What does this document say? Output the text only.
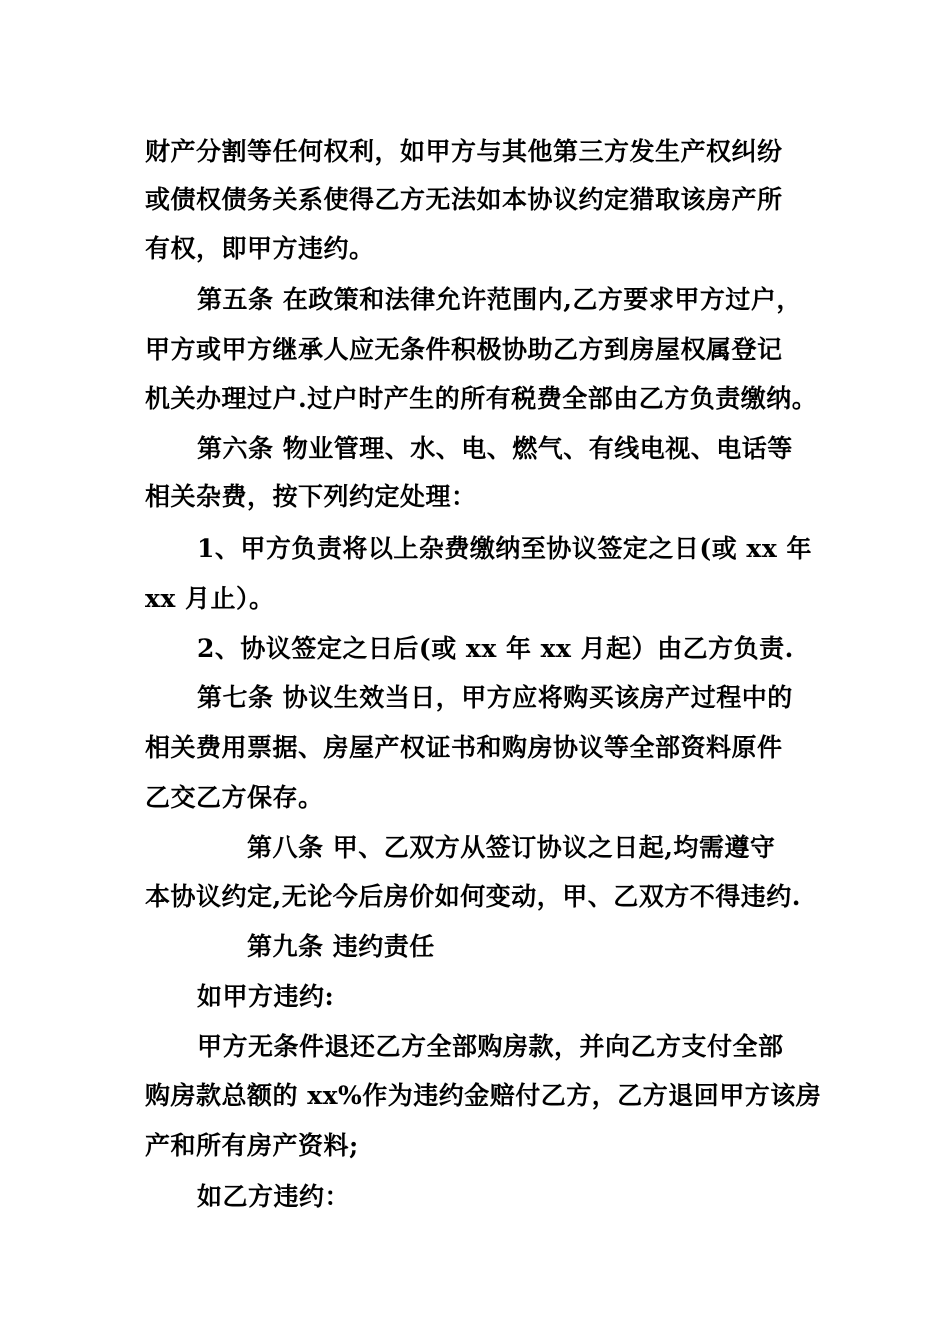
财产分割等任何权利，如甲方与其他第三方发生产权纠纷
或债权债务关系使得乙方无法如本协议约定猎取该房产所
有权，即甲方违约。
第五条 在政策和法律允许范围内,乙方要求甲方过户，
甲方或甲方继承人应无条件积极协助乙方到房屋权属登记
机关办理过户.过户时产生的所有税费全部由乙方负责缴纳。
第六条 物业管理、水、电、燃气、有线电视、电话等
相关杂费，按下列约定处理：
1、甲方负责将以上杂费缴纳至协议签定之日(或 xx 年
xx 月止）。
2、协议签定之日后(或 xx 年 xx 月起）由乙方负责.
第七条 协议生效当日，甲方应将购买该房产过程中的
相关费用票据、房屋产权证书和购房协议等全部资料原件
乙交乙方保存。
第八条 甲、乙双方从签订协议之日起,均需遵守
本协议约定,无论今后房价如何变动，甲、乙双方不得违约.
第九条 违约责任
如甲方违约:
甲方无条件退还乙方全部购房款，并向乙方支付全部
购房款总额的 xx%作为违约金赔付乙方，乙方退回甲方该房
产和所有房产资料;
如乙方违约：
